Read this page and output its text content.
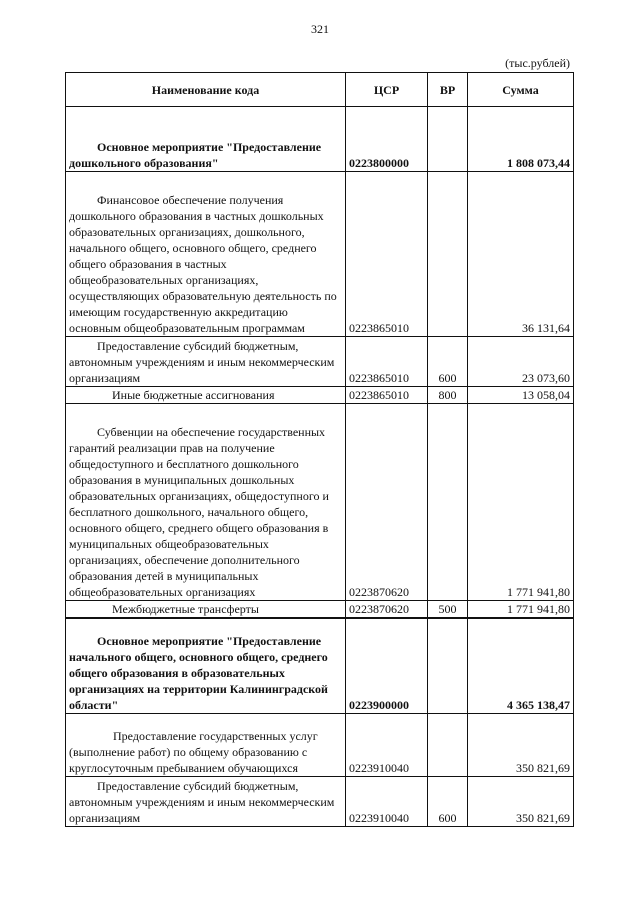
321
(тыс.рублей)
Наименование кода	ЦСР	ВР	Сумма
Основное мероприятие "Предоставление дошкольного образования"	0223800000		1 808 073,44
Финансовое обеспечение получения дошкольного образования в частных дошкольных образовательных организациях, дошкольного, начального общего, основного общего, среднего общего образования в частных общеобразовательных организациях, осуществляющих образовательную деятельность по имеющим государственную аккредитацию основным общеобразовательным программам	0223865010		36 131,64
Предоставление субсидий бюджетным, автономным учреждениям и иным некоммерческим организациям	0223865010	600	23 073,60
Иные бюджетные ассигнования	0223865010	800	13 058,04
Субвенции на обеспечение государственных гарантий реализации прав на получение общедоступного и бесплатного дошкольного образования в муниципальных дошкольных образовательных организациях, общедоступного и бесплатного дошкольного, начального общего, основного общего, среднего общего образования в муниципальных общеобразовательных организациях, обеспечение дополнительного образования детей в муниципальных общеобразовательных организациях	0223870620		1 771 941,80
Межбюджетные трансферты	0223870620	500	1 771 941,80
Основное мероприятие "Предоставление начального общего, основного общего, среднего общего образования в образовательных организациях на территории Калининградской области"	0223900000		4 365 138,47
Предоставление государственных услуг (выполнение работ) по общему образованию с круглосуточным пребыванием обучающихся	0223910040		350 821,69
Предоставление субсидий бюджетным, автономным учреждениям и иным некоммерческим организациям	0223910040	600	350 821,69
